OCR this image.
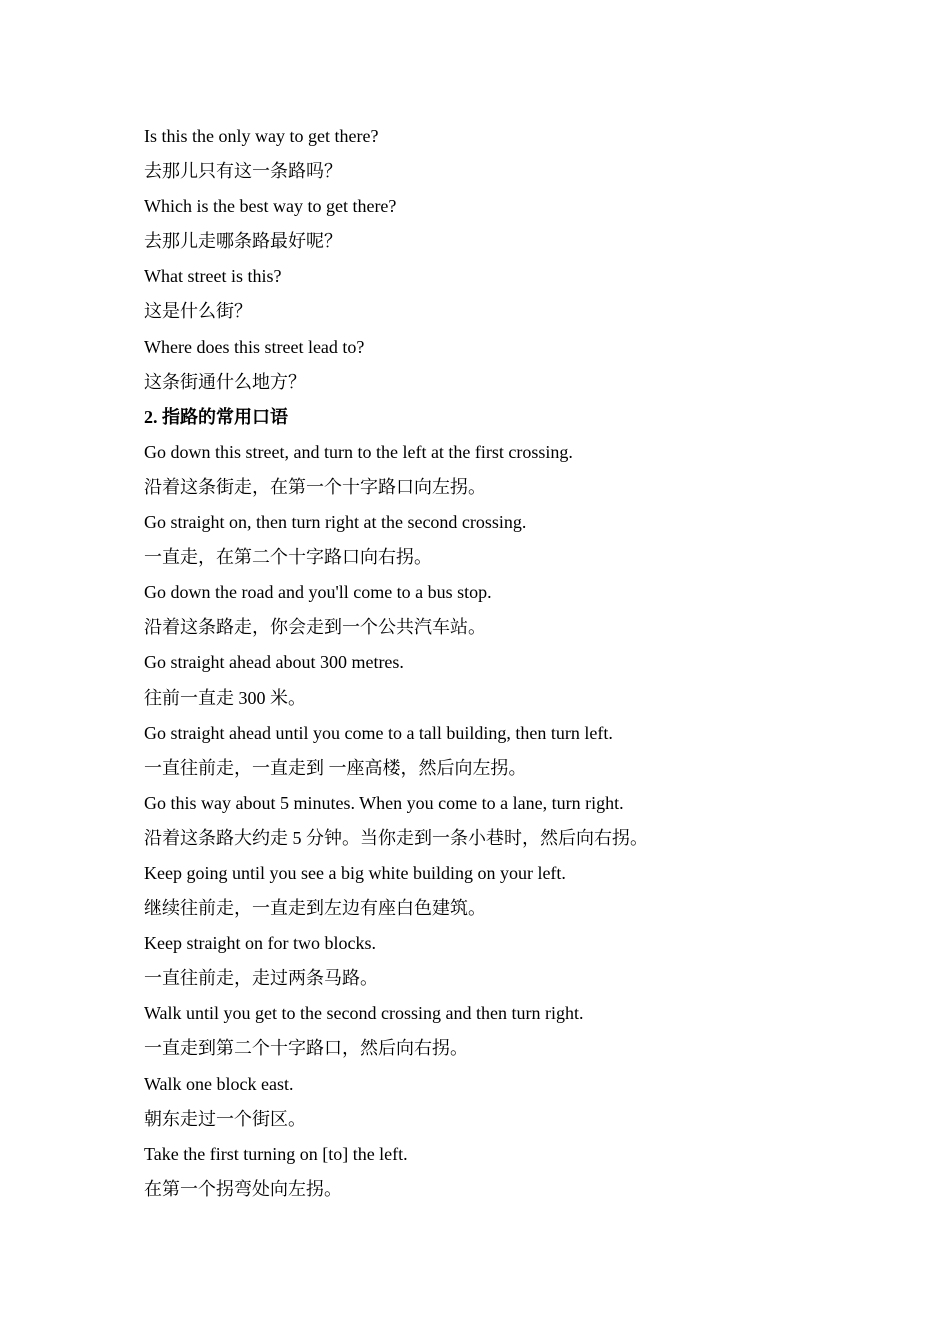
Is this the only way to get there?
去那儿只有这一条路吗？
Which is the best way to get there?
去那儿走哪条路最好呢？
What street is this?
这是什么街？
Where does this street lead to?
这条街通什么地方？
2. 指路的常用口语
Go down this street, and turn to the left at the first crossing.
沿着这条街走，在第一个十字路口向左拐。
Go straight on, then turn right at the second crossing.
一直走，在第二个十字路口向右拐。
Go down the road and you'll come to a bus stop.
沿着这条路走，你会走到一个公共汽车站。
Go straight ahead about 300 metres.
往前一直走 300 米。
Go straight ahead until you come to a tall building, then turn left.
一直往前走，一直走到 一座高楼，然后向左拐。
Go this way about 5 minutes. When you come to a lane, turn right.
沿着这条路大约走 5 分钟。当你走到一条小巷时，然后向右拐。
Keep going until you see a big white building on your left.
继续往前走，一直走到左边有座白色建筑。
Keep straight on for two blocks.
一直往前走，走过两条马路。
Walk until you get to the second crossing and then turn right.
一直走到第二个十字路口，然后向右拐。
Walk one block east.
朝东走过一个街区。
Take the first turning on [to] the left.
在第一个拐弯处向左拐。
